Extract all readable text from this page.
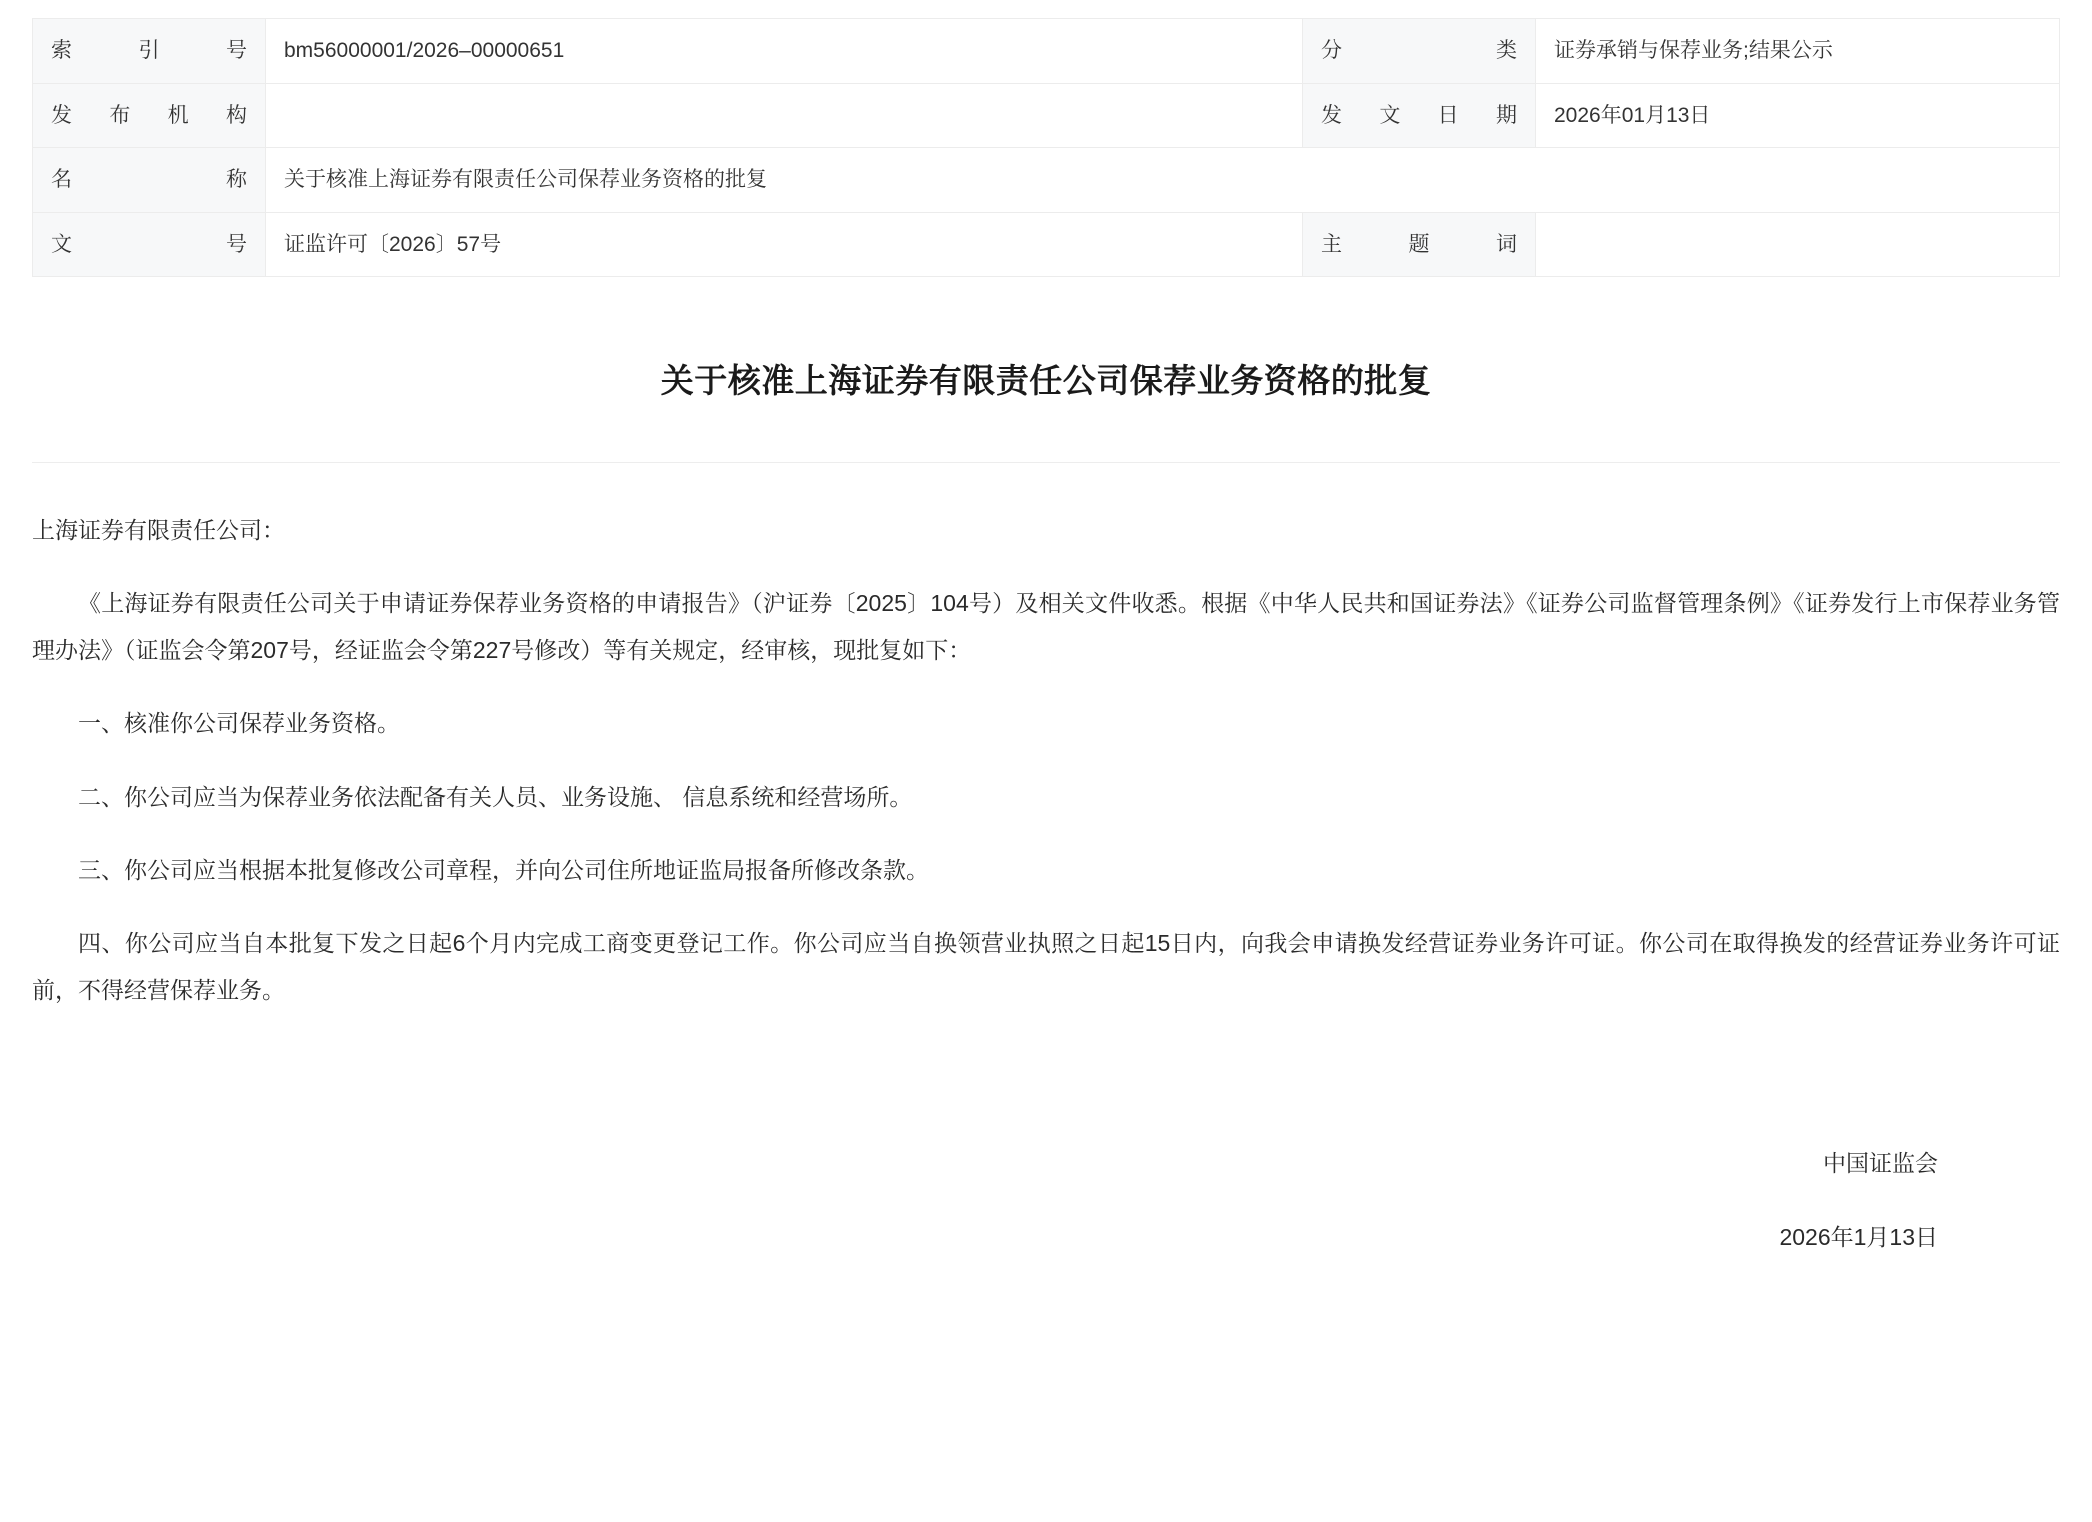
索 引 号	bm56000001/2026–00000651	分　　类	证券承销与保荐业务;结果公示
发布机构		发文日期	2026年01月13日
名　　称	关于核准上海证券有限责任公司保荐业务资格的批复		
文　　号	证监许可〔2026〕57号	主 题 词	
关于核准上海证券有限责任公司保荐业务资格的批复

上海证券有限责任公司：

《上海证券有限责任公司关于申请证券保荐业务资格的申请报告》（沪证券〔2025〕104号）及相关文件收悉。根据《中华人民共和国证券法》《证券公司监督管理条例》《证券发行上市保荐业务管理办法》（证监会令第207号，经证监会令第227号修改）等有关规定，经审核，现批复如下：

一、核准你公司保荐业务资格。

二、你公司应当为保荐业务依法配备有关人员、业务设施、 信息系统和经营场所。

三、你公司应当根据本批复修改公司章程，并向公司住所地证监局报备所修改条款。

四、你公司应当自本批复下发之日起6个月内完成工商变更登记工作。你公司应当自换领营业执照之日起15日内，向我会申请换发经营证券业务许可证。你公司在取得换发的经营证券业务许可证前，不得经营保荐业务。

中国证监会
2026年1月13日
